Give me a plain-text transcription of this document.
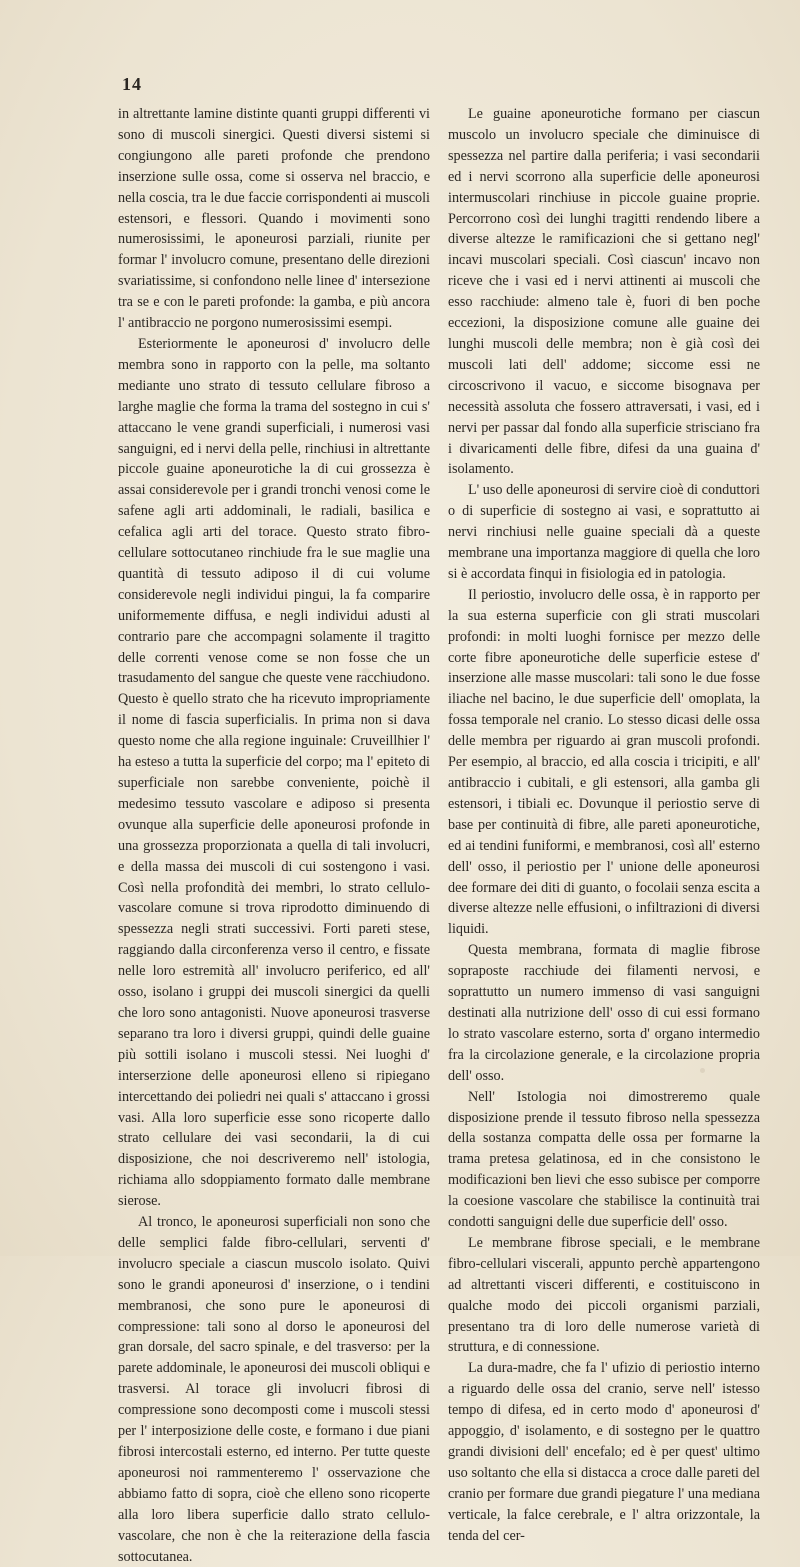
14

in altrettante lamine distinte quanti gruppi differenti vi sono di muscoli sinergici. Questi diversi sistemi si congiungono alle pareti profonde che prendono inserzione sulle ossa, come si osserva nel braccio, e nella coscia, tra le due faccie corrispondenti ai muscoli estensori, e flessori. Quando i movimenti sono numerosissimi, le aponeurosi parziali, riunite per formar l' involucro comune, presentano delle direzioni svariatissime, si confondono nelle linee d' intersezione tra se e con le pareti profonde: la gamba, e più ancora l' antibraccio ne porgono numerosissimi esempi.

Esteriormente le aponeurosi d' involucro delle membra sono in rapporto con la pelle, ma soltanto mediante uno strato di tessuto cellulare fibroso a larghe maglie che forma la trama del sostegno in cui s' attaccano le vene grandi superficiali, i numerosi vasi sanguigni, ed i nervi della pelle, rinchiusi in altrettante piccole guaine aponeurotiche la di cui grossezza è assai considerevole per i grandi tronchi venosi come le safene agli arti addominali, le radiali, basilica e cefalica agli arti del torace. Questo strato fibro-cellulare sottocutaneo rinchiude fra le sue maglie una quantità di tessuto adiposo il di cui volume considerevole negli individui pingui, la fa comparire uniformemente diffusa, e negli individui adusti al contrario pare che accompagni solamente il tragitto delle correnti venose come se non fosse che un trasudamento del sangue che queste vene racchiudono. Questo è quello strato che ha ricevuto impropriamente il nome di fascia superficialis. In prima non si dava questo nome che alla regione inguinale: Cruveillhier l' ha esteso a tutta la superficie del corpo; ma l' epiteto di superficiale non sarebbe conveniente, poichè il medesimo tessuto vascolare e adiposo si presenta ovunque alla superficie delle aponeurosi profonde in una grossezza proporzionata a quella di tali involucri, e della massa dei muscoli di cui sostengono i vasi. Così nella profondità dei membri, lo strato cellulo-vascolare comune si trova riprodotto diminuendo di spessezza negli strati successivi. Forti pareti stese, raggiando dalla circonferenza verso il centro, e fissate nelle loro estremità all' involucro periferico, ed all' osso, isolano i gruppi dei muscoli sinergici da quelli che loro sono antagonisti. Nuove aponeurosi trasverse separano tra loro i diversi gruppi, quindi delle guaine più sottili isolano i muscoli stessi. Nei luoghi d' interserzione delle aponeurosi elleno si ripiegano intercettando dei poliedri nei quali s' attaccano i grossi vasi. Alla loro superficie esse sono ricoperte dallo strato cellulare dei vasi secondarii, la di cui disposizione, che noi descriveremo nell' istologia, richiama allo sdoppiamento formato dalle membrane sierose.

Al tronco, le aponeurosi superficiali non sono che delle semplici falde fibro-cellulari, serventi d' involucro speciale a ciascun muscolo isolato. Quivi sono le grandi aponeurosi d' inserzione, o i tendini membranosi, che sono pure le aponeurosi di compressione: tali sono al dorso le aponeurosi del gran dorsale, del sacro spinale, e del trasverso: per la parete addominale, le aponeurosi dei muscoli obliqui e trasversi. Al torace gli involucri fibrosi di compressione sono decomposti come i muscoli stessi per l' interposizione delle coste, e formano i due piani fibrosi intercostali esterno, ed interno. Per tutte queste aponeurosi noi rammenteremo l' osservazione che abbiamo fatto di sopra, cioè che elleno sono ricoperte alla loro libera superficie dallo strato cellulo-vascolare, che non è che la reiterazione della fascia sottocutanea.

Le guaine aponeurotiche formano per ciascun muscolo un involucro speciale che diminuisce di spessezza nel partire dalla periferia; i vasi secondarii ed i nervi scorrono alla superficie delle aponeurosi intermuscolari rinchiuse in piccole guaine proprie. Percorrono così dei lunghi tragitti rendendo libere a diverse altezze le ramificazioni che si gettano negl' incavi muscolari speciali. Così ciascun' incavo non riceve che i vasi ed i nervi attinenti ai muscoli che esso racchiude: almeno tale è, fuori di ben poche eccezioni, la disposizione comune alle guaine dei lunghi muscoli delle membra; non è già così dei muscoli lati dell' addome; siccome essi ne circoscrivono il vacuo, e siccome bisognava per necessità assoluta che fossero attraversati, i vasi, ed i nervi per passar dal fondo alla superficie strisciano fra i divaricamenti delle fibre, difesi da una guaina d' isolamento.

L' uso delle aponeurosi di servire cioè di conduttori o di superficie di sostegno ai vasi, e soprattutto ai nervi rinchiusi nelle guaine speciali dà a queste membrane una importanza maggiore di quella che loro si è accordata finqui in fisiologia ed in patologia.

Il periostio, involucro delle ossa, è in rapporto per la sua esterna superficie con gli strati muscolari profondi: in molti luoghi fornisce per mezzo delle corte fibre aponeurotiche delle superficie estese d' inserzione alle masse muscolari: tali sono le due fosse iliache nel bacino, le due superficie dell' omoplata, la fossa temporale nel cranio. Lo stesso dicasi delle ossa delle membra per riguardo ai gran muscoli profondi. Per esempio, al braccio, ed alla coscia i tricipiti, e all' antibraccio i cubitali, e gli estensori, alla gamba gli estensori, i tibiali ec. Dovunque il periostio serve di base per continuità di fibre, alle pareti aponeurotiche, ed ai tendini funiformi, e membranosi, così all' esterno dell' osso, il periostio per l' unione delle aponeurosi dee formare dei diti di guanto, o focolaii senza escita a diverse altezze nelle effusioni, o infiltrazioni di diversi liquidi.

Questa membrana, formata di maglie fibrose sopraposte racchiude dei filamenti nervosi, e soprattutto un numero immenso di vasi sanguigni destinati alla nutrizione dell' osso di cui essi formano lo strato vascolare esterno, sorta d' organo intermedio fra la circolazione generale, e la circolazione propria dell' osso.

Nell' Istologia noi dimostreremo quale disposizione prende il tessuto fibroso nella spessezza della sostanza compatta delle ossa per formarne la trama pretesa gelatinosa, ed in che consistono le modificazioni ben lievi che esso subisce per comporre la coesione vascolare che stabilisce la continuità trai condotti sanguigni delle due superficie dell' osso.

Le membrane fibrose speciali, e le membrane fibro-cellulari viscerali, appunto perchè appartengono ad altrettanti visceri differenti, e costituiscono in qualche modo dei piccoli organismi parziali, presentano tra di loro delle numerose varietà di struttura, e di connessione.

La dura-madre, che fa l' ufizio di periostio interno a riguardo delle ossa del cranio, serve nell' istesso tempo di difesa, ed in certo modo d' aponeurosi d' appoggio, d' isolamento, e di sostegno per le quattro grandi divisioni dell' encefalo; ed è per quest' ultimo uso soltanto che ella si distacca a croce dalle pareti del cranio per formare due grandi piegature l' una mediana verticale, la falce cerebrale, e l' altra orizzontale, la tenda del cer-
